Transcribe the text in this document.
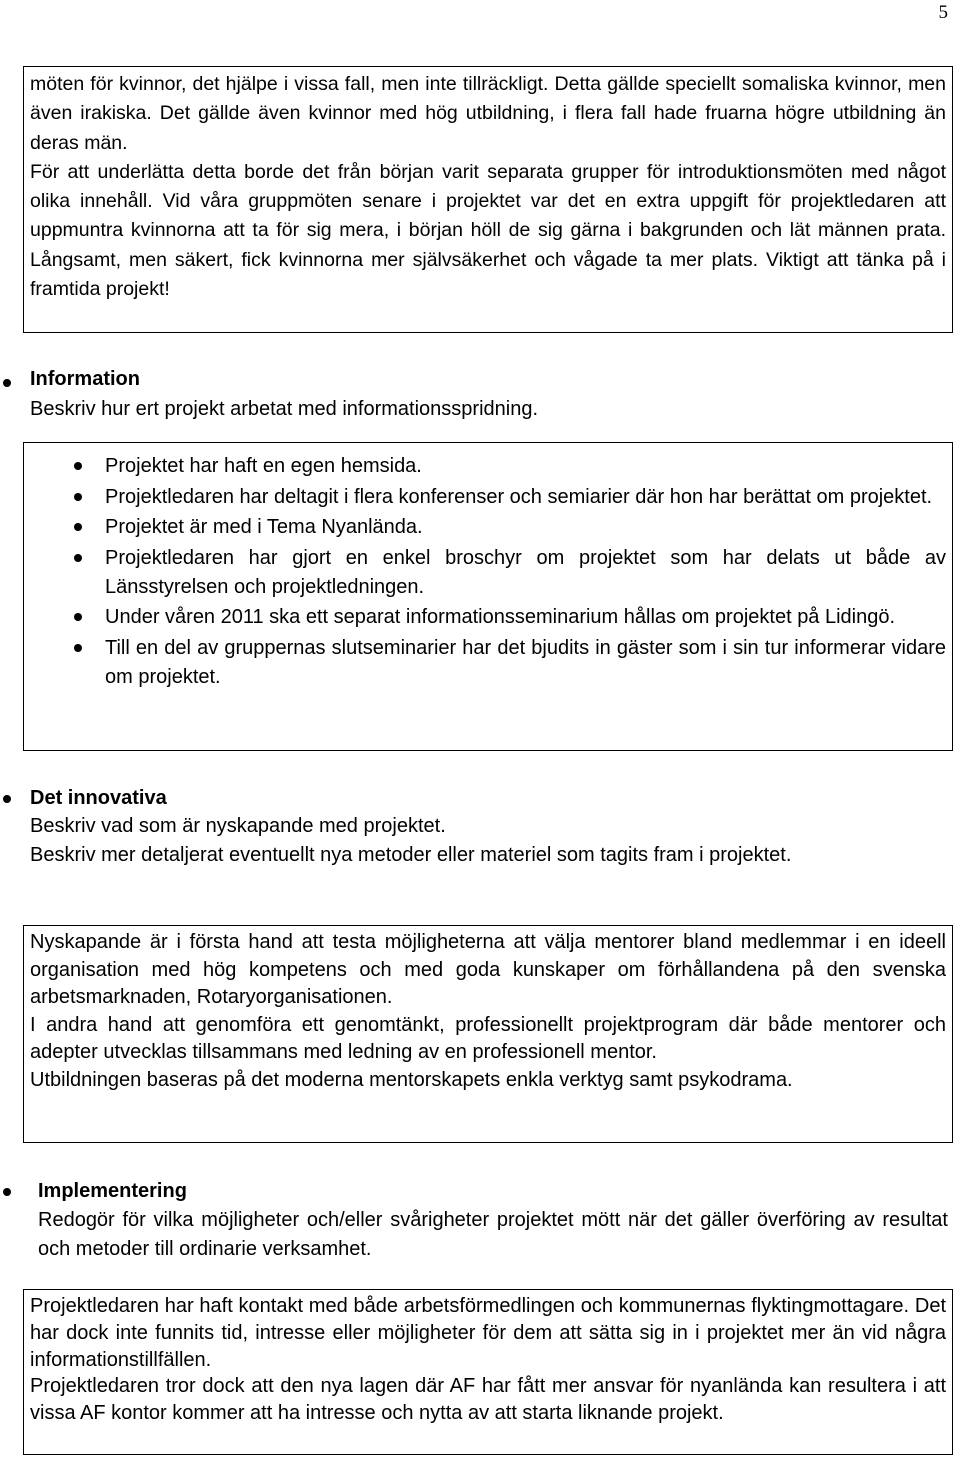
5

möten för kvinnor, det hjälpe i vissa fall, men inte tillräckligt. Detta gällde speciellt somaliska kvinnor, men även irakiska. Det gällde även kvinnor med hög utbildning, i flera fall hade fruarna högre utbildning än deras män.

För att underlätta detta borde det från början varit separata grupper för introduktionsmöten med något olika innehåll. Vid våra gruppmöten senare i projektet var det en extra uppgift för projektledaren att uppmuntra kvinnorna att ta för sig mera, i början höll de sig gärna i bakgrunden och lät männen prata. Långsamt, men säkert, fick kvinnorna mer självsäkerhet och vågade ta mer plats. Viktigt att tänka på i framtida projekt!

Information
Beskriv hur ert projekt arbetat med informationsspridning.
Projektet har haft en egen hemsida.
Projektledaren har deltagit i flera konferenser och semiarier där hon har berättat om projektet.
Projektet är med i Tema Nyanlända.
Projektledaren har gjort en enkel broschyr om projektet som har delats ut både av Länsstyrelsen och projektledningen.
Under våren 2011 ska ett separat informationsseminarium hållas om projektet på Lidingö.
Till en del av gruppernas slutseminarier har det bjudits in gäster som i sin tur informerar vidare om projektet.
Det innovativa
Beskriv vad som är nyskapande med projektet.
Beskriv mer detaljerat eventuellt nya metoder eller materiel som tagits fram i projektet.

Nyskapande är i första hand att testa möjligheterna att välja mentorer bland medlemmar i en ideell organisation med hög kompetens och med goda kunskaper om förhållandena på den svenska arbetsmarknaden, Rotaryorganisationen.

I andra hand att genomföra ett genomtänkt, professionellt projektprogram där både mentorer och adepter utvecklas tillsammans med ledning av en professionell mentor.

Utbildningen baseras på det moderna mentorskapets enkla verktyg samt psykodrama.

Implementering
Redogör för vilka möjligheter och/eller svårigheter projektet mött när det gäller överföring av resultat och metoder till ordinarie verksamhet.

Projektledaren har haft kontakt med både arbetsförmedlingen och kommunernas flyktingmottagare. Det har dock inte funnits tid, intresse eller möjligheter för dem att sätta sig in i projektet mer än vid några informationstillfällen.

Projektledaren tror dock att den nya lagen där AF har fått mer ansvar för nyanlända kan resultera i att vissa AF kontor kommer att ha intresse och nytta av att starta liknande projekt.
